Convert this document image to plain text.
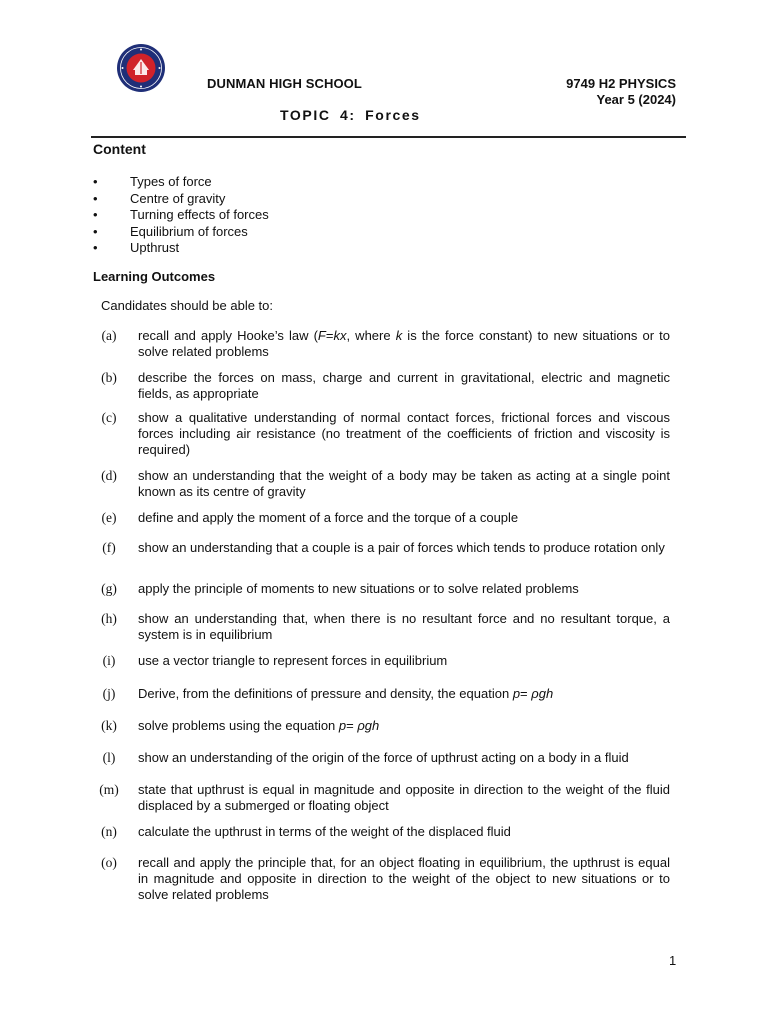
DUNMAN HIGH SCHOOL	9749 H2 PHYSICS
Year 5 (2024)
TOPIC 4: Forces
Content
• Types of force
• Centre of gravity
• Turning effects of forces
• Equilibrium of forces
• Upthrust
Learning Outcomes
Candidates should be able to:
(a)	recall and apply Hooke’s law (F=kx, where k is the force constant) to new situations or to solve related problems
(b)	describe the forces on mass, charge and current in gravitational, electric and magnetic fields, as appropriate
(c)	show a qualitative understanding of normal contact forces, frictional forces and viscous forces including air resistance (no treatment of the coefficients of friction and viscosity is required)
(d)	show an understanding that the weight of a body may be taken as acting at a single point known as its centre of gravity
(e)	define and apply the moment of a force and the torque of a couple
(f)	show an understanding that a couple is a pair of forces which tends to produce rotation only
(g)	apply the principle of moments to new situations or to solve related problems
(h)	show an understanding that, when there is no resultant force and no resultant torque, a system is in equilibrium
(i)	use a vector triangle to represent forces in equilibrium
(j)	Derive, from the definitions of pressure and density, the equation p= ρgh
(k)	solve problems using the equation p= ρgh
(l)	show an understanding of the origin of the force of upthrust acting on a body in a fluid
(m)	state that upthrust is equal in magnitude and opposite in direction to the weight of the fluid displaced by a submerged or floating object
(n)	calculate the upthrust in terms of the weight of the displaced fluid
(o)	recall and apply the principle that, for an object floating in equilibrium, the upthrust is equal in magnitude and opposite in direction to the weight of the object to new situations or to solve related problems
1
